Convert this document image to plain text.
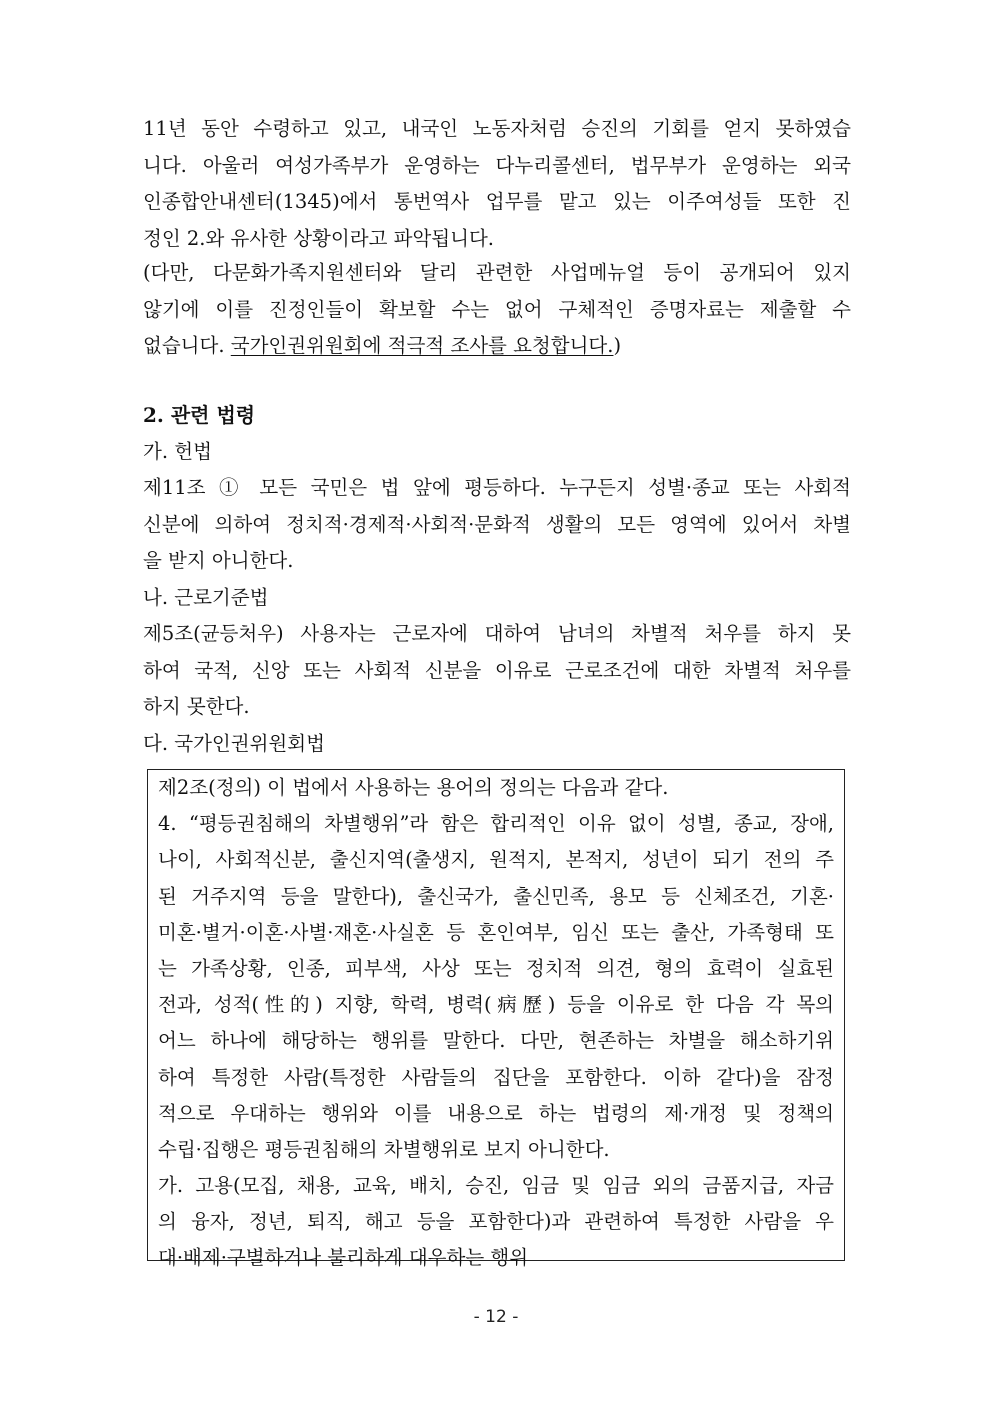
11년 동안 수령하고 있고, 내국인 노동자처럼 승진의 기회를 얻지 못하였습
니다. 아울러 여성가족부가 운영하는 다누리콜센터, 법무부가 운영하는 외국
인종합안내센터(1345)에서 통번역사 업무를 맡고 있는 이주여성들 또한 진
정인 2.와 유사한 상황이라고 파악됩니다.
(다만, 다문화가족지원센터와 달리 관련한 사업메뉴얼 등이 공개되어 있지
않기에 이를 진정인들이 확보할 수는 없어 구체적인 증명자료는 제출할 수
없습니다. 국가인권위원회에 적극적 조사를 요청합니다.)
2. 관련 법령
가. 헌법
제11조 ① 모든 국민은 법 앞에 평등하다. 누구든지 성별·종교 또는 사회적
신분에 의하여 정치적·경제적·사회적·문화적 생활의 모든 영역에 있어서 차별
을 받지 아니한다.
나. 근로기준법
제5조(균등처우) 사용자는 근로자에 대하여 남녀의 차별적 처우를 하지 못
하여 국적, 신앙 또는 사회적 신분을 이유로 근로조건에 대한 차별적 처우를
하지 못한다.
다. 국가인권위원회법
제2조(정의) 이 법에서 사용하는 용어의 정의는 다음과 같다.
4. “평등권침해의 차별행위”라 함은 합리적인 이유 없이 성별, 종교, 장애,
나이, 사회적신분, 출신지역(출생지, 원적지, 본적지, 성년이 되기 전의 주
된 거주지역 등을 말한다), 출신국가, 출신민족, 용모 등 신체조건, 기혼·
미혼·별거·이혼·사별·재혼·사실혼 등 혼인여부, 임신 또는 출산, 가족형태 또
는 가족상황, 인종, 피부색, 사상 또는 정치적 의견, 형의 효력이 실효된
전과, 성적(性的) 지향, 학력, 병력(病歷) 등을 이유로 한 다음 각 목의
어느 하나에 해당하는 행위를 말한다. 다만, 현존하는 차별을 해소하기위
하여 특정한 사람(특정한 사람들의 집단을 포함한다. 이하 같다)을 잠정
적으로 우대하는 행위와 이를 내용으로 하는 법령의 제·개정 및 정책의
수립·집행은 평등권침해의 차별행위로 보지 아니한다.
가. 고용(모집, 채용, 교육, 배치, 승진, 임금 및 임금 외의 금품지급, 자금
의 융자, 정년, 퇴직, 해고 등을 포함한다)과 관련하여 특정한 사람을 우
대·배제·구별하거나 불리하게 대우하는 행위
- 12 -
